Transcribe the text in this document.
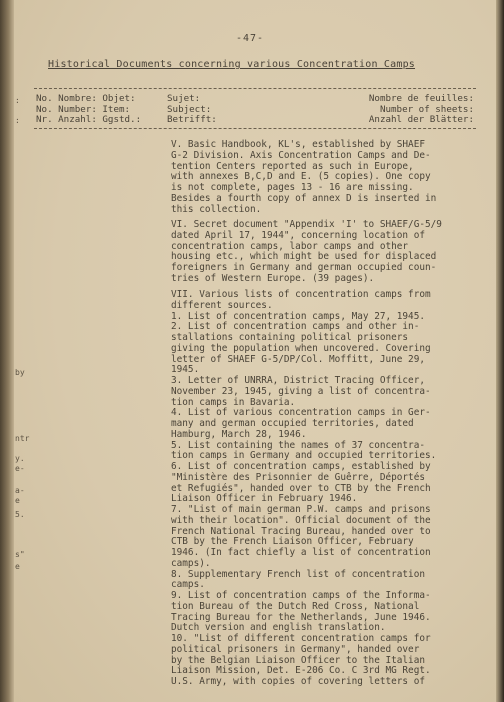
:
:
by
ntr
y.
e-
a-
e
5.
s"
e
-47-
Historical Documents concerning various Concentration Camps
No. Nombre: Objet:
No. Number: Item:
Nr. Anzahl: Ggstd.:
Sujet:
Subject:
Betrifft:
Nombre de feuilles:
Number of sheets:
Anzahl der Blätter:
V. Basic Handbook, KL's, established by SHAEF
G-2 Division. Axis Concentration Camps and De-
tention Centers reported as such in Europe,
with annexes B,C,D and E. (5 copies). One copy
is not complete, pages 13 - 16 are missing.
Besides a fourth copy of annex D is inserted in
this collection.
VI. Secret document "Appendix 'I' to SHAEF/G-5/9
dated April 17, 1944", concerning location of
concentration camps, labor camps and other
housing etc., which might be used for displaced
foreigners in Germany and german occupied coun-
tries of Western Europe. (39 pages).
VII. Various lists of concentration camps from
different sources.
1. List of concentration camps, May 27, 1945.
2. List of concentration camps and other in-
stallations containing political prisoners
giving the population when uncovered. Covering
letter of SHAEF G-5/DP/Col. Moffitt, June 29,
1945.
3. Letter of UNRRA, District Tracing Officer,
November 23, 1945, giving a list of concentra-
tion camps in Bavaria.
4. List of various concentration camps in Ger-
many and german occupied territories, dated
Hamburg, March 28, 1946.
5. List containing the names of 37 concentra-
tion camps in Germany and occupied territories.
6. List of concentration camps, established by
"Ministère des Prisonnier de Guêrre, Déportés
et Refugiés", handed over to CTB by the French
Liaison Officer in February 1946.
7. "List of main german P.W. camps and prisons
with their location". Official document of the
French National Tracing Bureau, handed over to
CTB by the French Liaison Officer, February
1946. (In fact chiefly a list of concentration
camps).
8. Supplementary French list of concentration
camps.
9. List of concentration camps of the Informa-
tion Bureau of the Dutch Red Cross, National
Tracing Bureau for the Netherlands, June 1946.
Dutch version and english translation.
10. "List of different concentration camps for
political prisoners in Germany", handed over
by the Belgian Liaison Officer to the Italian
Liaison Mission, Det. E-206 Co. C 3rd MG Regt.
U.S. Army, with copies of covering letters of
